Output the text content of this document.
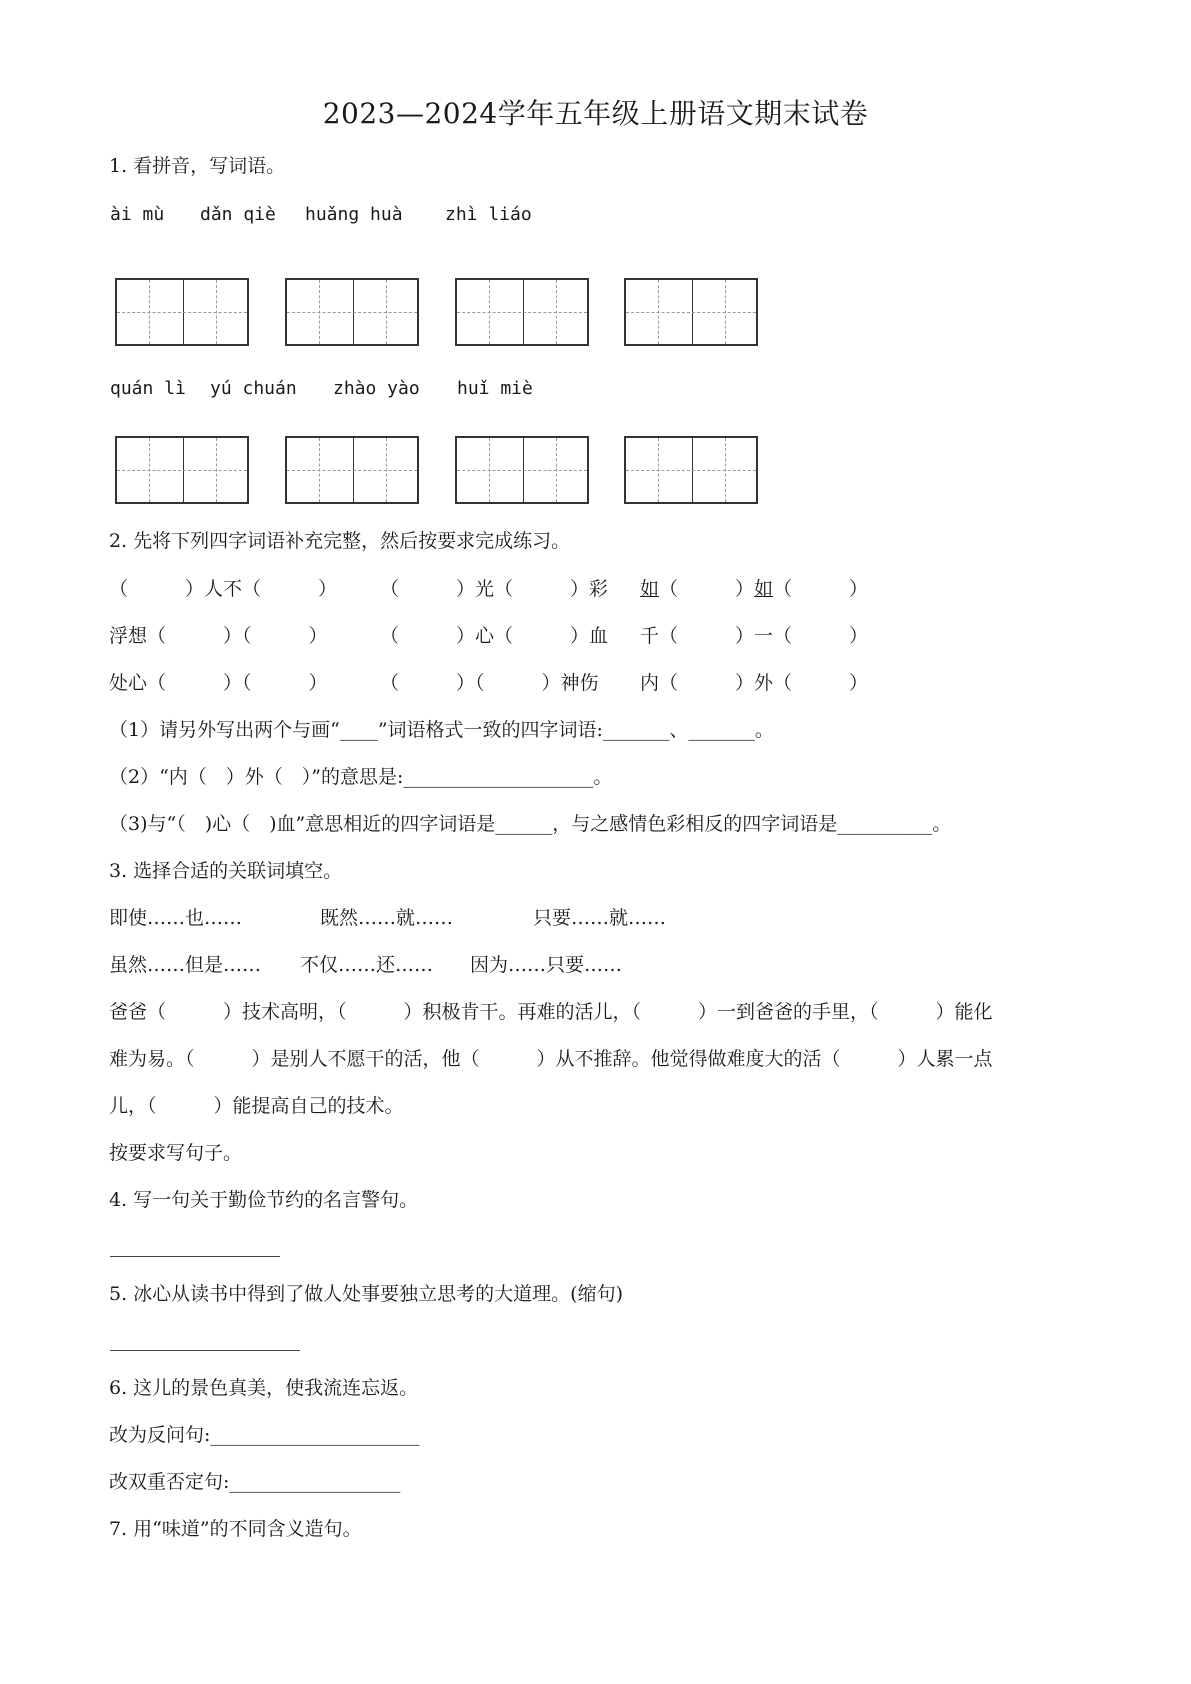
2023—2024学年五年级上册语文期末试卷
1. 看拼音，写词语。
ài mù dǎn qiè huǎng huà zhì liáo
quán lì yú chuán zhào yào huǐ miè
2. 先将下列四字词语补充完整，然后按要求完成练习。
（　　　）人不（　　　） （　　　）光（　　　）彩 如（　　　）如（　　　）
浮想（　　　）（　　　）	（　　　）心（　　　）血 千（　　　）一（　　　）
处心（　　　）（　　　）	（　　　）（　　　）神伤 内（　　　）外（　　　）
（1）请另外写出两个与画“____”词语格式一致的四字词语:_______、_______。
（2）“内（　）外（　）”的意思是:____________________。
（3)与“（　)心（　)血”意思相近的四字词语是______，与之感情色彩相反的四字词语是__________。
3. 选择合适的关联词填空。
即使……也……	既然……就……	只要……就……
虽然……但是…… 不仅……还…… 因为……只要……
爸爸（　　　）技术高明，（　　　）积极肯干。再难的活儿，（　　　）一到爸爸的手里，（　　　）能化
难为易。（　　　）是别人不愿干的活，他（　　　）从不推辞。他觉得做难度大的活（　　　）人累一点
儿，（　　　）能提高自己的技术。
按要求写句子。
4. 写一句关于勤俭节约的名言警句。
5. 冰心从读书中得到了做人处事要独立思考的大道理。(缩句)
6. 这儿的景色真美，使我流连忘返。
改为反问句:______________________
改双重否定句:__________________
7. 用“味道”的不同含义造句。
